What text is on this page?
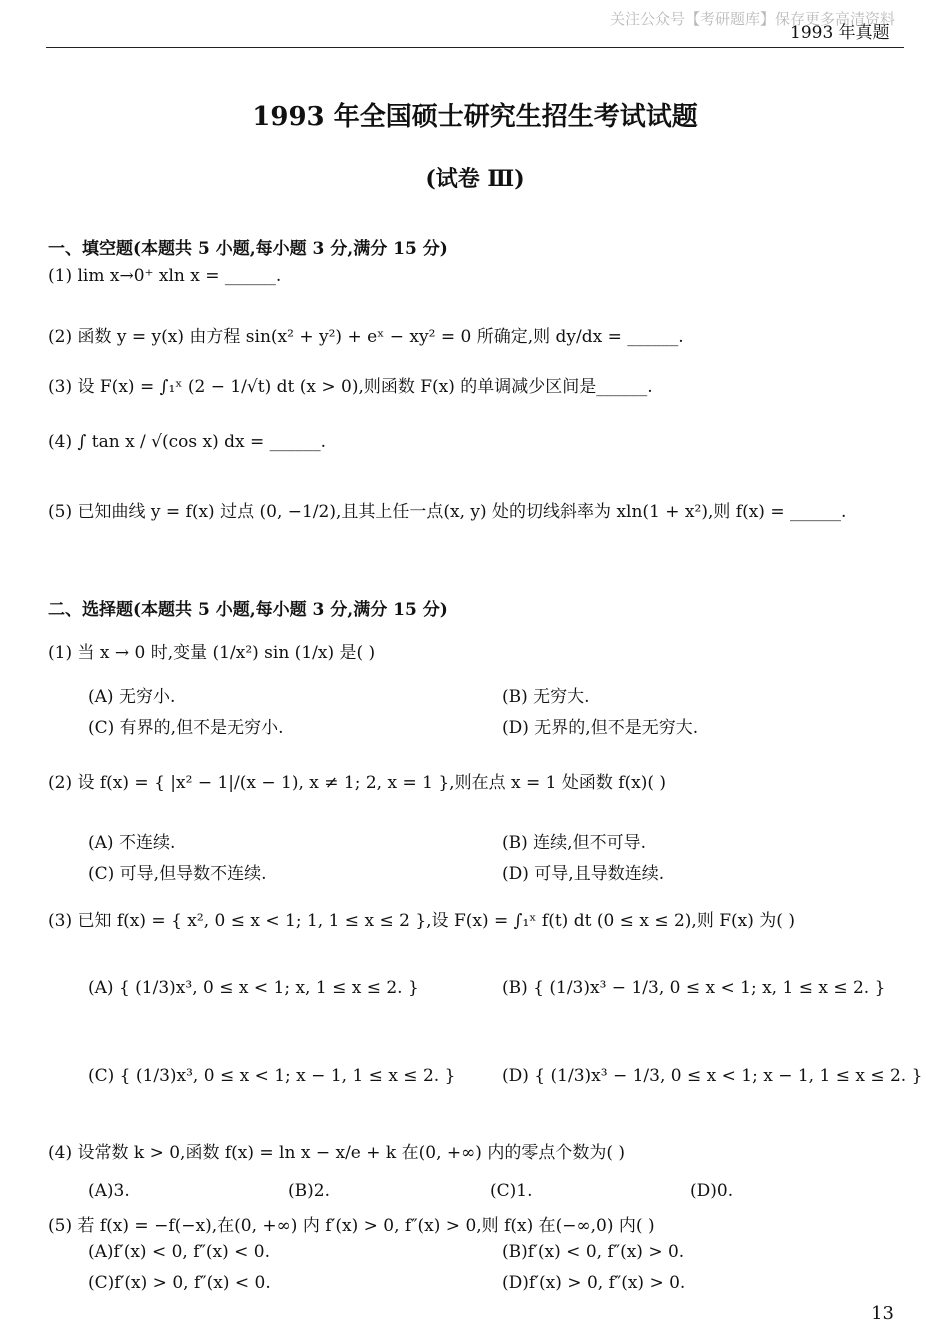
关注公众号【考研题库】保存更多高清资料
1993 年真题
1993 年全国硕士研究生招生考试试题
(试卷 Ⅲ)
一、填空题(本题共 5 小题,每小题 3 分,满分 15 分)
(1) lim x→0⁺ xln x = ______.
(2) 函数 y = y(x) 由方程 sin(x² + y²) + eˣ − xy² = 0 所确定,则 dy/dx = ______.
(3) 设 F(x) = ∫₁ˣ (2 − 1/√t) dt (x > 0),则函数 F(x) 的单调减少区间是______.
(4) ∫ tan x / √(cos x) dx = ______.
(5) 已知曲线 y = f(x) 过点 (0, −1/2),且其上任一点(x, y) 处的切线斜率为 xln(1 + x²),则 f(x) = ______.
二、选择题(本题共 5 小题,每小题 3 分,满分 15 分)
(1) 当 x → 0 时,变量 (1/x²) sin (1/x) 是( )
(A) 无穷小.	(B) 无穷大.
(C) 有界的,但不是无穷小.	(D) 无界的,但不是无穷大.
(2) 设 f(x) = { |x² − 1|/(x − 1), x ≠ 1; 2, x = 1 },则在点 x = 1 处函数 f(x)( )
(A) 不连续.	(B) 连续,但不可导.
(C) 可导,但导数不连续.	(D) 可导,且导数连续.
(3) 已知 f(x) = { x², 0 ≤ x < 1; 1, 1 ≤ x ≤ 2 },设 F(x) = ∫₁ˣ f(t) dt (0 ≤ x ≤ 2),则 F(x) 为( )
(A) { (1/3)x³, 0 ≤ x < 1; x, 1 ≤ x ≤ 2. }	(B) { (1/3)x³ − 1/3, 0 ≤ x < 1; x, 1 ≤ x ≤ 2. }
(C) { (1/3)x³, 0 ≤ x < 1; x − 1, 1 ≤ x ≤ 2. }	(D) { (1/3)x³ − 1/3, 0 ≤ x < 1; x − 1, 1 ≤ x ≤ 2. }
(4) 设常数 k > 0,函数 f(x) = ln x − x/e + k 在(0, +∞) 内的零点个数为( )
(A)3.	(B)2.	(C)1.	(D)0.
(5) 若 f(x) = −f(−x),在(0, +∞) 内 f′(x) > 0, f″(x) > 0,则 f(x) 在(−∞,0) 内( )
(A)f′(x) < 0, f″(x) < 0.	(B)f′(x) < 0, f″(x) > 0.
(C)f′(x) > 0, f″(x) < 0.	(D)f′(x) > 0, f″(x) > 0.
13
